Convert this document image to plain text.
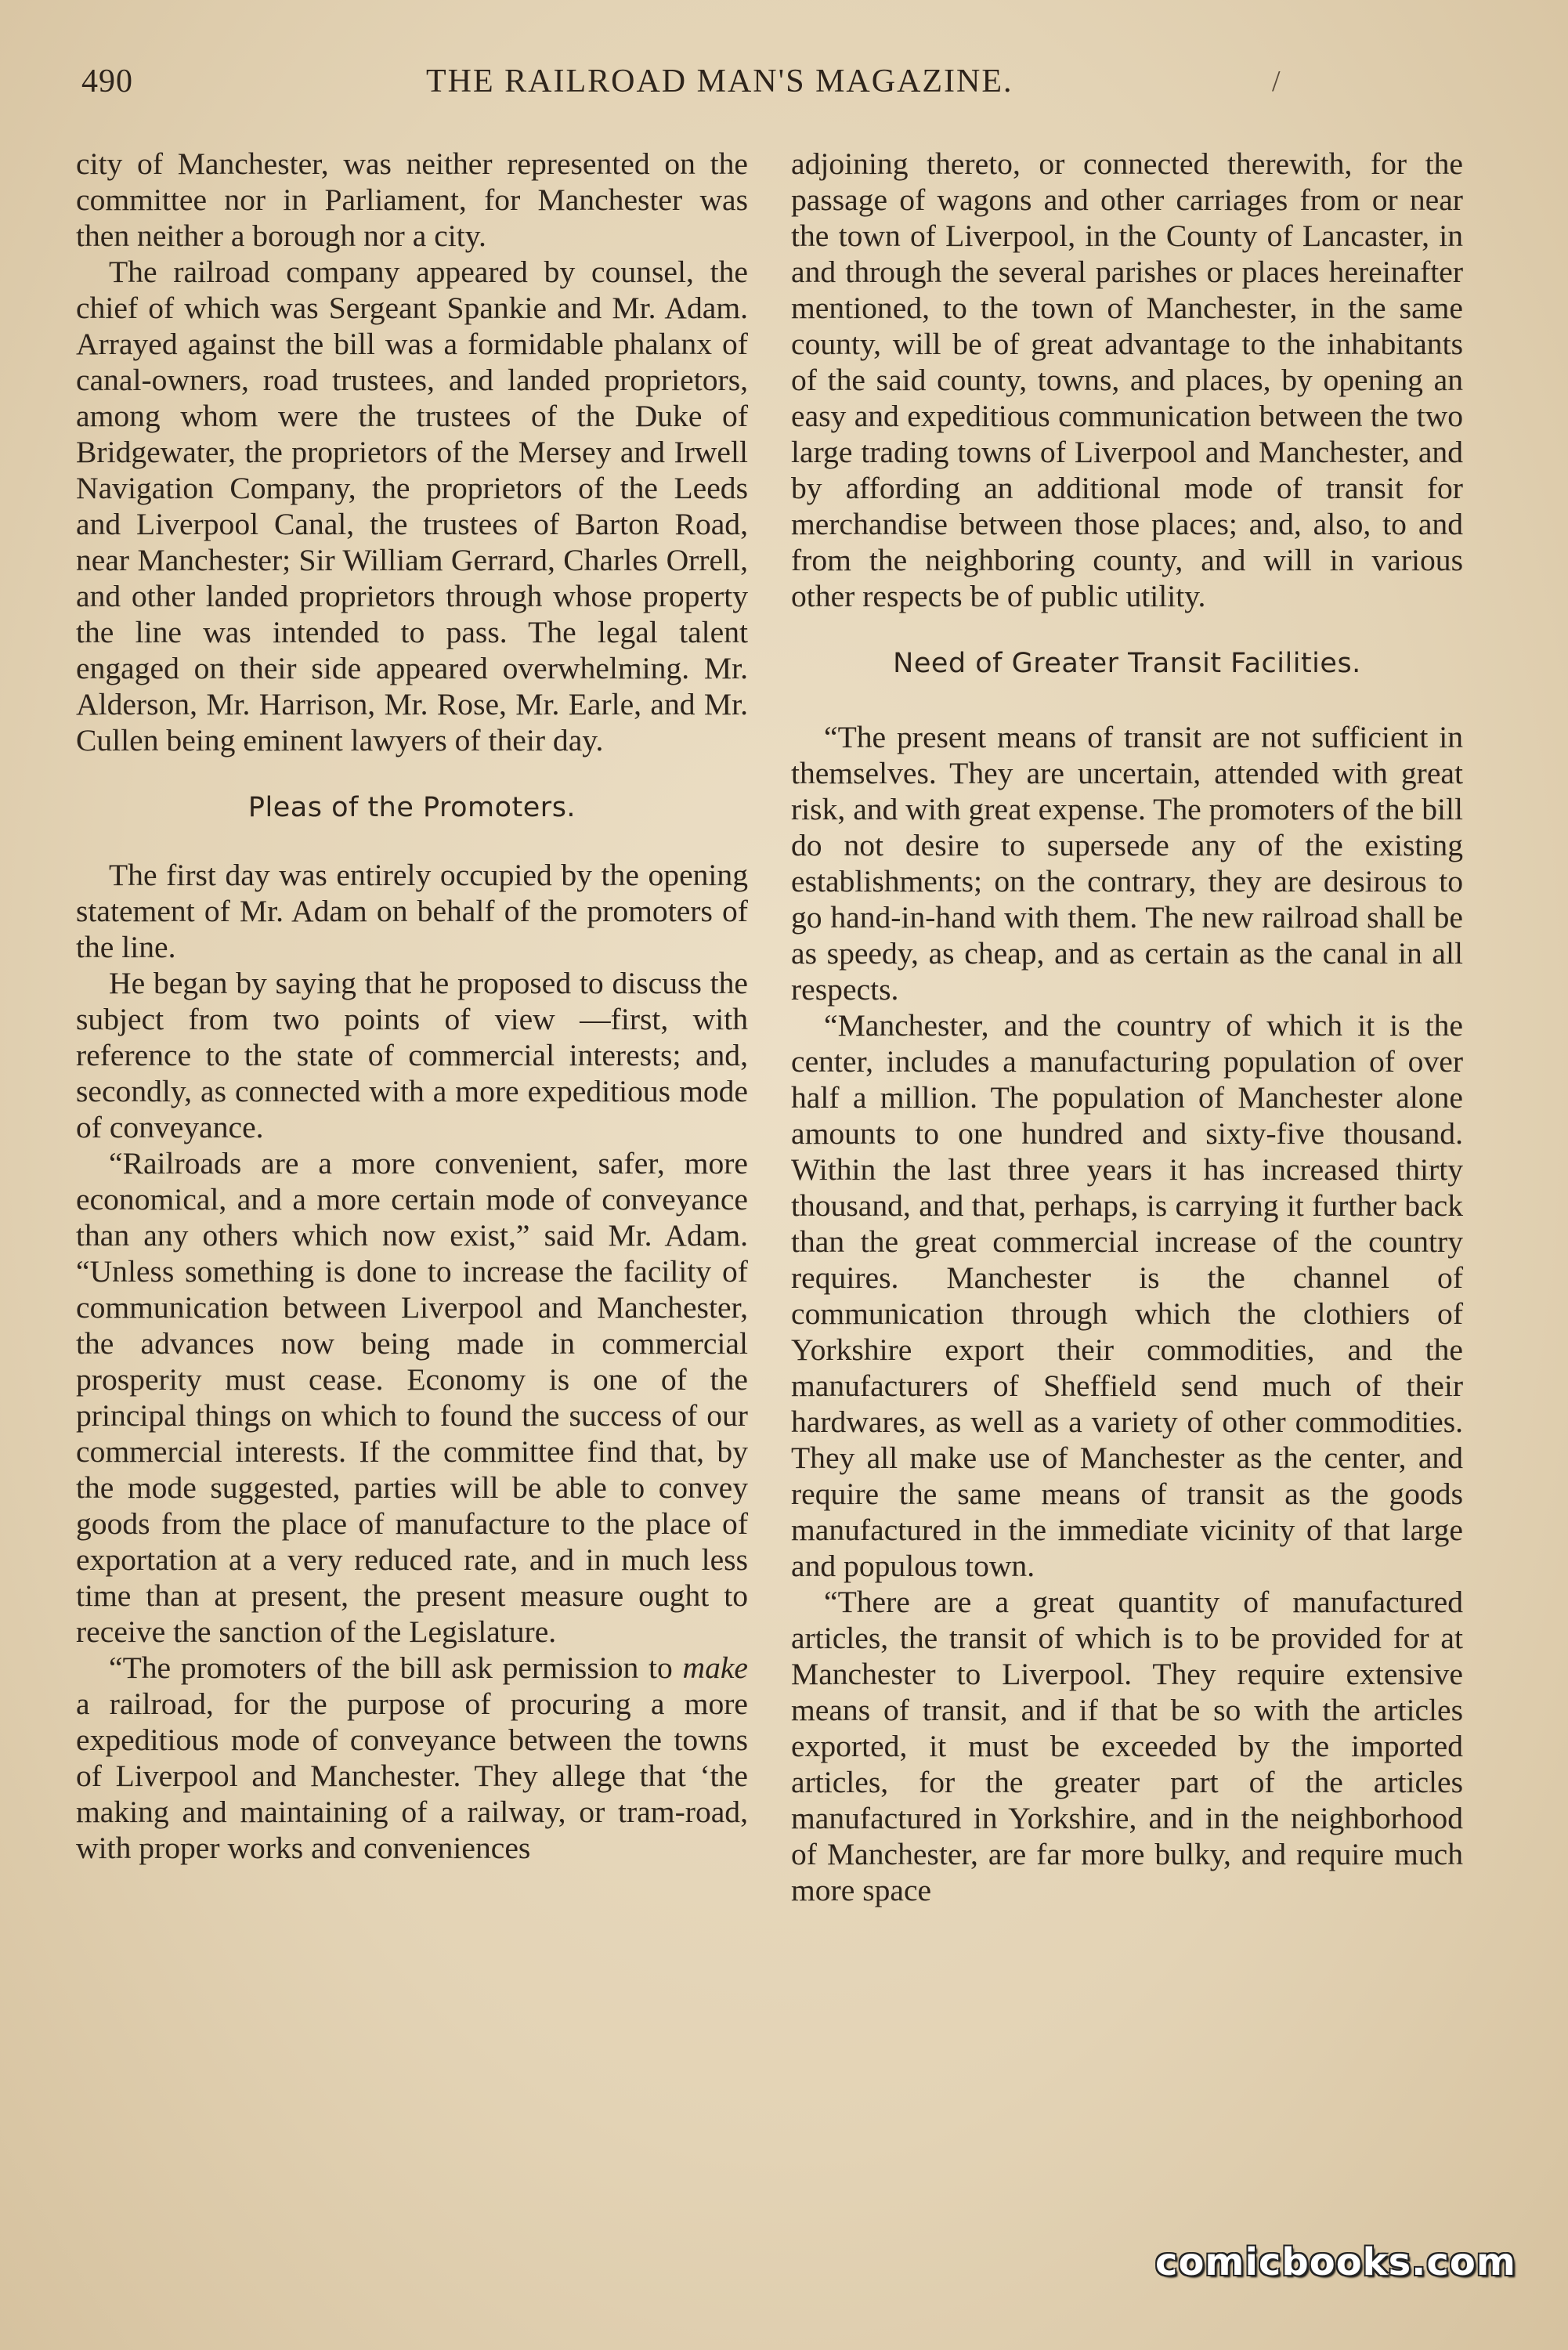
490	THE RAILROAD MAN'S MAGAZINE.	/

city of Manchester, was neither represented on the committee nor in Parliament, for Manchester was then neither a borough nor a city.

The railroad company appeared by counsel, the chief of which was Sergeant Spankie and Mr. Adam. Arrayed against the bill was a formidable phalanx of canal-owners, road trustees, and landed proprietors, among whom were the trustees of the Duke of Bridgewater, the proprietors of the Mersey and Irwell Navigation Company, the proprietors of the Leeds and Liverpool Canal, the trustees of Barton Road, near Manchester; Sir William Gerrard, Charles Orrell, and other landed proprietors through whose property the line was intended to pass. The legal talent engaged on their side appeared overwhelming. Mr. Alderson, Mr. Harrison, Mr. Rose, Mr. Earle, and Mr. Cullen being eminent lawyers of their day.

Pleas of the Promoters.

The first day was entirely occupied by the opening statement of Mr. Adam on behalf of the promoters of the line.

He began by saying that he proposed to discuss the subject from two points of view —first, with reference to the state of commercial interests; and, secondly, as connected with a more expeditious mode of conveyance.

“Railroads are a more convenient, safer, more economical, and a more certain mode of conveyance than any others which now exist,” said Mr. Adam. “Unless something is done to increase the facility of communication between Liverpool and Manchester, the advances now being made in commercial prosperity must cease. Economy is one of the principal things on which to found the success of our commercial interests. If the committee find that, by the mode suggested, parties will be able to convey goods from the place of manufacture to the place of exportation at a very reduced rate, and in much less time than at present, the present measure ought to receive the sanction of the Legislature.

“The promoters of the bill ask permission to make a railroad, for the purpose of procuring a more expeditious mode of conveyance between the towns of Liverpool and Manchester. They allege that ‘the making and maintaining of a railway, or tram-road, with proper works and conveniences

adjoining thereto, or connected therewith, for the passage of wagons and other carriages from or near the town of Liverpool, in the County of Lancaster, in and through the several parishes or places hereinafter mentioned, to the town of Manchester, in the same county, will be of great advantage to the inhabitants of the said county, towns, and places, by opening an easy and expeditious communication between the two large trading towns of Liverpool and Manchester, and by affording an additional mode of transit for merchandise between those places; and, also, to and from the neighboring county, and will in various other respects be of public utility.

Need of Greater Transit Facilities.

“The present means of transit are not sufficient in themselves. They are uncertain, attended with great risk, and with great expense. The promoters of the bill do not desire to supersede any of the existing establishments; on the contrary, they are desirous to go hand-in-hand with them. The new railroad shall be as speedy, as cheap, and as certain as the canal in all respects.

“Manchester, and the country of which it is the center, includes a manufacturing population of over half a million. The population of Manchester alone amounts to one hundred and sixty-five thousand. Within the last three years it has increased thirty thousand, and that, perhaps, is carrying it further back than the great commercial increase of the country requires. Manchester is the channel of communication through which the clothiers of Yorkshire export their commodities, and the manufacturers of Sheffield send much of their hardwares, as well as a variety of other commodities. They all make use of Manchester as the center, and require the same means of transit as the goods manufactured in the immediate vicinity of that large and populous town.

“There are a great quantity of manufactured articles, the transit of which is to be provided for at Manchester to Liverpool. They require extensive means of transit, and if that be so with the articles exported, it must be exceeded by the imported articles, for the greater part of the articles manufactured in Yorkshire, and in the neighborhood of Manchester, are far more bulky, and require much more space

comicbooks.com
